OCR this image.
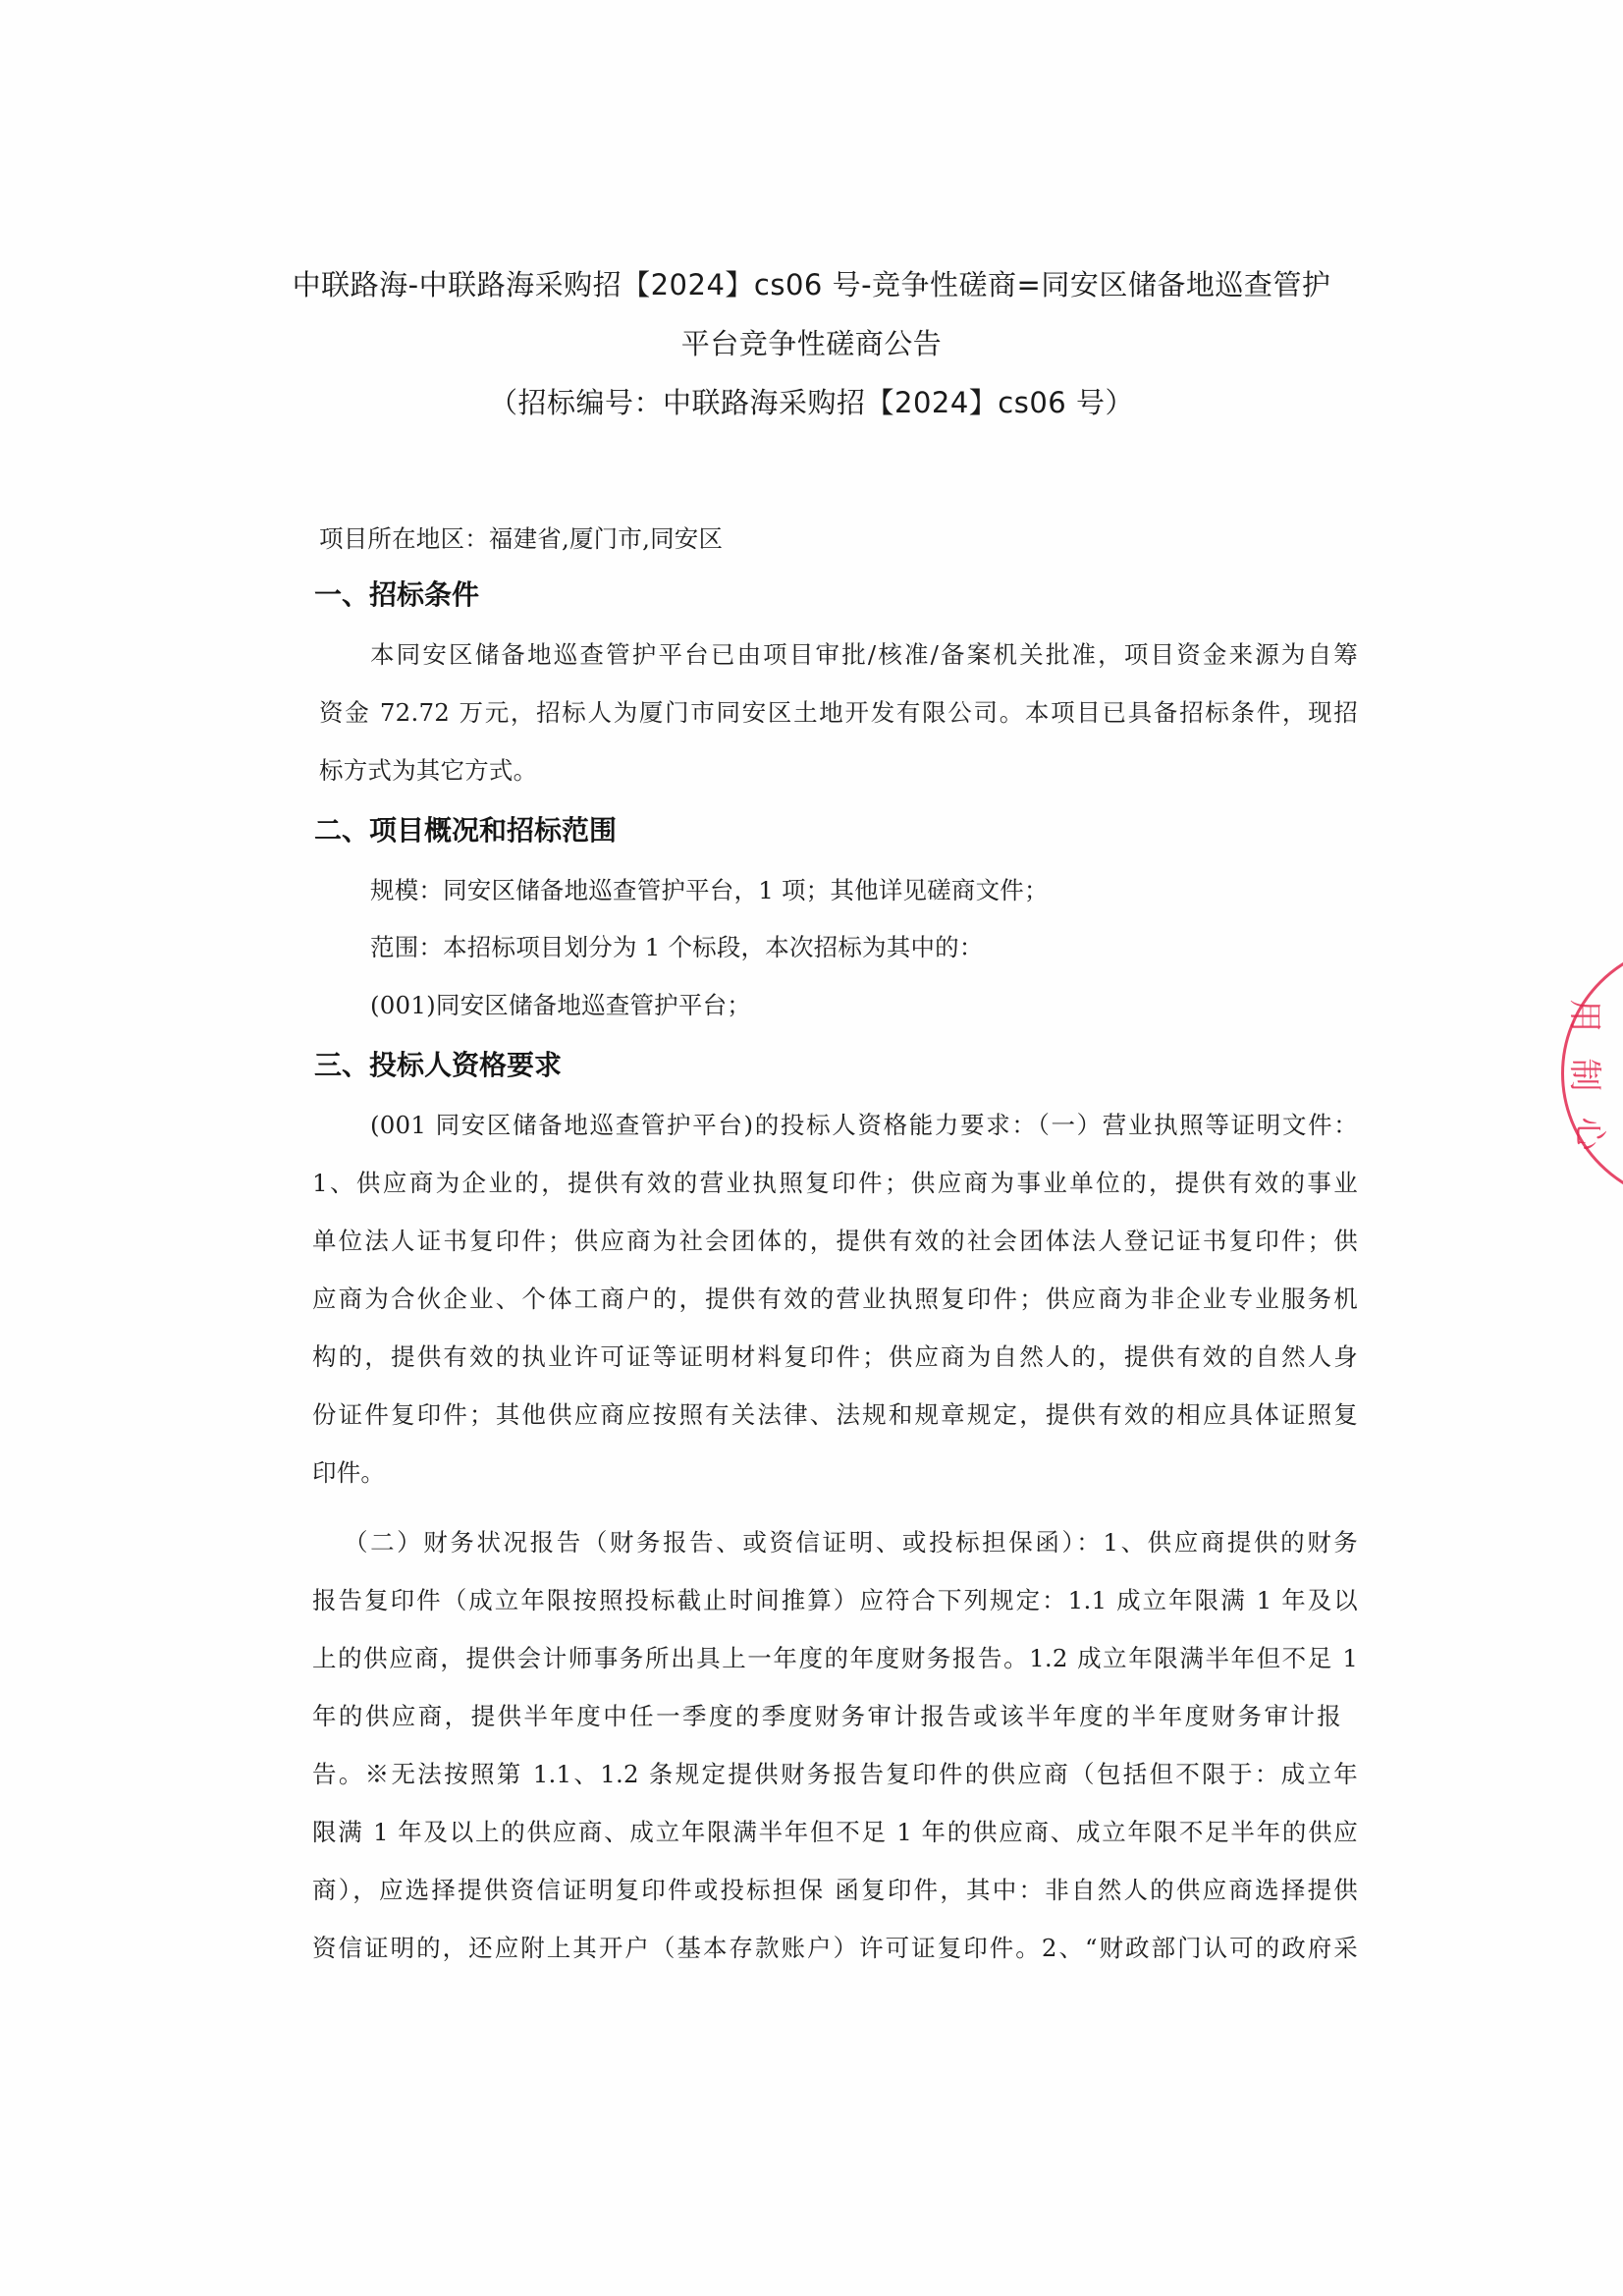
中联路海-中联路海采购招【2024】cs06 号-竞争性磋商=同安区储备地巡查管护
平台竞争性磋商公告
（招标编号：中联路海采购招【2024】cs06 号）
项目所在地区：福建省,厦门市,同安区
一、招标条件
本同安区储备地巡查管护平台已由项目审批/核准/备案机关批准，项目资金来源为自筹
资金 72.72 万元，招标人为厦门市同安区土地开发有限公司。本项目已具备招标条件，现招
标方式为其它方式。
二、项目概况和招标范围
规模：同安区储备地巡查管护平台，1 项；其他详见磋商文件；
范围：本招标项目划分为 1 个标段，本次招标为其中的：
(001)同安区储备地巡查管护平台；
三、投标人资格要求
(001 同安区储备地巡查管护平台)的投标人资格能力要求：（一）营业执照等证明文件：
1、供应商为企业的，提供有效的营业执照复印件；供应商为事业单位的，提供有效的事业
单位法人证书复印件；供应商为社会团体的，提供有效的社会团体法人登记证书复印件；供
应商为合伙企业、个体工商户的，提供有效的营业执照复印件；供应商为非企业专业服务机
构的，提供有效的执业许可证等证明材料复印件；供应商为自然人的，提供有效的自然人身
份证件复印件；其他供应商应按照有关法律、法规和规章规定，提供有效的相应具体证照复
印件。
（二）财务状况报告（财务报告、或资信证明、或投标担保函）：1、供应商提供的财务
报告复印件（成立年限按照投标截止时间推算）应符合下列规定：1.1 成立年限满 1 年及以
上的供应商，提供会计师事务所出具上一年度的年度财务报告。1.2 成立年限满半年但不足 1
年的供应商，提供半年度中任一季度的季度财务审计报告或该半年度的半年度财务审计报
告。※无法按照第 1.1、1.2 条规定提供财务报告复印件的供应商（包括但不限于：成立年
限满 1 年及以上的供应商、成立年限满半年但不足 1 年的供应商、成立年限不足半年的供应
商），应选择提供资信证明复印件或投标担保 函复印件，其中：非自然人的供应商选择提供
资信证明的，还应附上其开户（基本存款账户）许可证复印件。2、“财政部门认可的政府采
用
制
心
